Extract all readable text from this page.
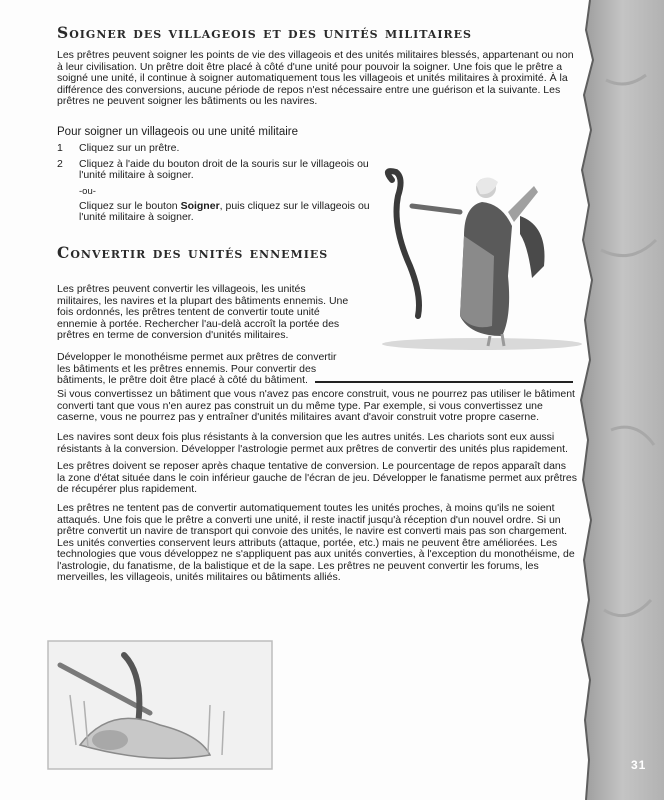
31
Soigner des villageois et des unités militaires

Les prêtres peuvent soigner les points de vie des villageois et des unités militaires blessés, appartenant ou non à leur civilisation. Un prêtre doit être placé à côté d'une unité pour pouvoir la soigner. Une fois que le prêtre a soigné une unité, il continue à soigner automatiquement tous les villageois et unités militaires à proximité. À la différence des conversions, aucune période de repos n'est nécessaire entre une guérison et la suivante. Les prêtres ne peuvent soigner les bâtiments ou les navires.

Pour soigner un villageois ou une unité militaire
1	Cliquez sur un prêtre.
2	Cliquez à l'aide du bouton droit de la souris sur le villageois ou l'unité militaire à soigner.
-ou-
Cliquez sur le bouton Soigner, puis cliquez sur le villageois ou l'unité militaire à soigner.
Convertir des unités ennemies

Les prêtres peuvent convertir les villageois, les unités militaires, les navires et la plupart des bâtiments ennemis. Une fois ordonnés, les prêtres tentent de convertir toute unité ennemie à portée. Rechercher l'au-delà accroît la portée des prêtres en terme de conversion d'unités militaires.

Développer le monothéisme permet aux prêtres de convertir les bâtiments et les prêtres ennemis. Pour convertir des bâtiments, le prêtre doit être placé à côté du bâtiment.

Si vous convertissez un bâtiment que vous n'avez pas encore construit, vous ne pourrez pas utiliser le bâtiment converti tant que vous n'en aurez pas construit un du même type. Par exemple, si vous convertissez une caserne, vous ne pourrez pas y entraîner d'unités militaires avant d'avoir construit votre propre caserne.

Les navires sont deux fois plus résistants à la conversion que les autres unités. Les chariots sont eux aussi résistants à la conversion. Développer l'astrologie permet aux prêtres de convertir des unités plus rapidement.

Les prêtres doivent se reposer après chaque tentative de conversion. Le pourcentage de repos apparaît dans la zone d'état située dans le coin inférieur gauche de l'écran de jeu. Développer le fanatisme permet aux prêtres de récupérer plus rapidement.

Les prêtres ne tentent pas de convertir automatiquement toutes les unités proches, à moins qu'ils ne soient attaqués. Une fois que le prêtre a converti une unité, il reste inactif jusqu'à réception d'un nouvel ordre. Si un prêtre convertit un navire de transport qui convoie des unités, le navire est converti mais pas son chargement. Les unités converties conservent leurs attributs (attaque, portée, etc.) mais ne peuvent être améliorées. Les technologies que vous développez ne s'appliquent pas aux unités converties, à l'exception du monothéisme, de l'astrologie, du fanatisme, de la balistique et de la sape. Les prêtres ne peuvent convertir les forums, les merveilles, les villageois, unités militaires ou bâtiments alliés.
